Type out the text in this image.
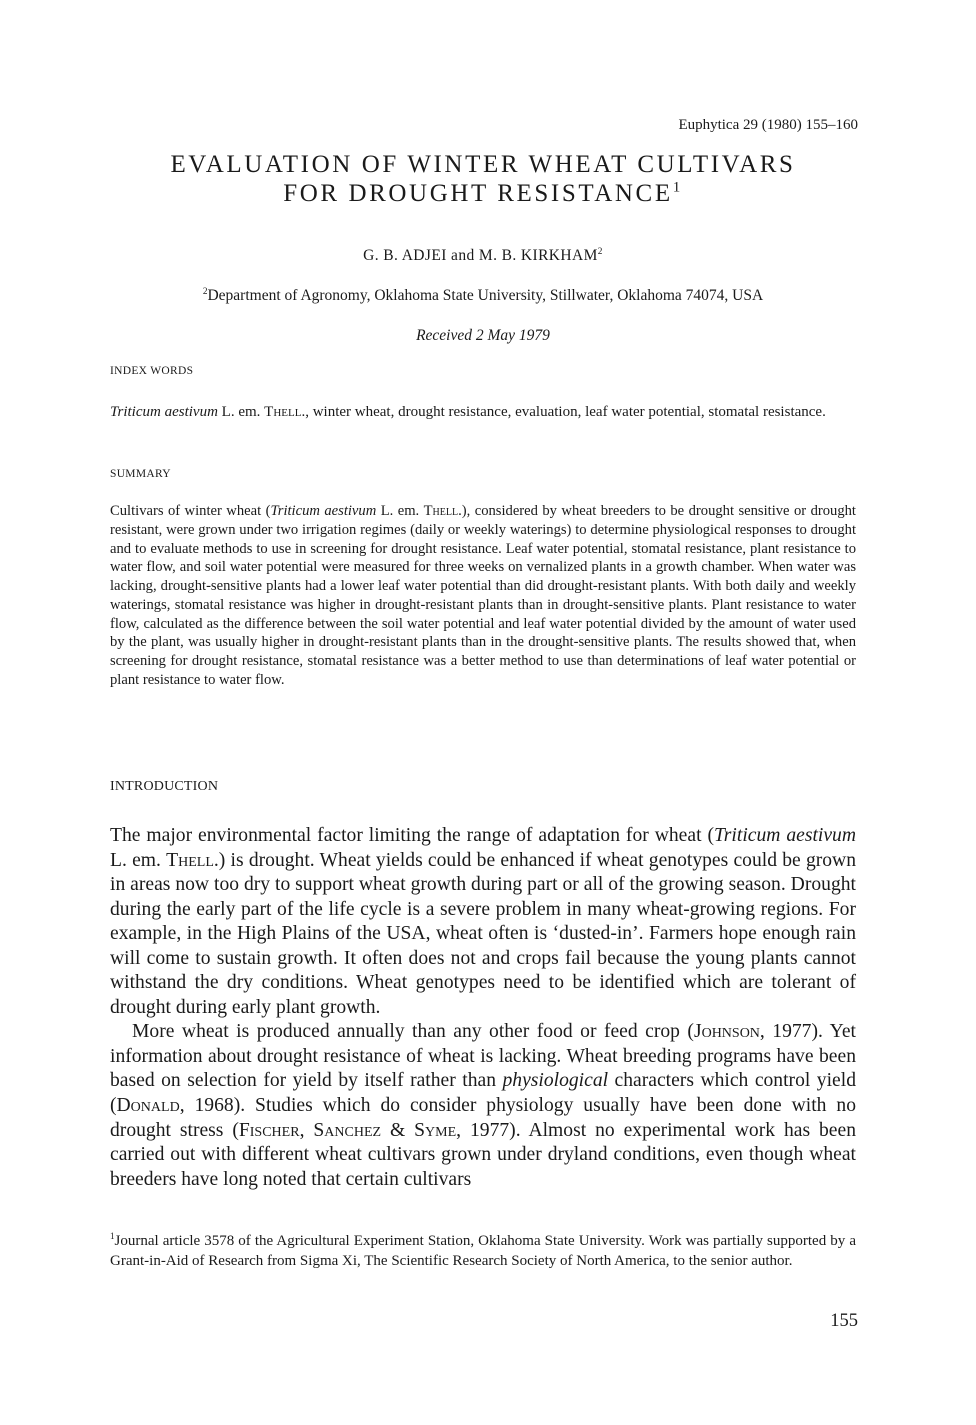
Euphytica 29 (1980) 155–160
EVALUATION OF WINTER WHEAT CULTIVARS
FOR DROUGHT RESISTANCE$^1$
G. B. ADJEI and M. B. KIRKHAM$^2$
$^2$Department of Agronomy, Oklahoma State University, Stillwater, Oklahoma 74074, USA
Received 2 May 1979
INDEX WORDS

Triticum aestivum L. em. Thell., winter wheat, drought resistance, evaluation, leaf water potential, stomatal resistance.

SUMMARY

Cultivars of winter wheat (Triticum aestivum L. em. Thell.), considered by wheat breeders to be drought sensitive or drought resistant, were grown under two irrigation regimes (daily or weekly waterings) to determine physiological responses to drought and to evaluate methods to use in screening for drought resistance. Leaf water potential, stomatal resistance, plant resistance to water flow, and soil water potential were measured for three weeks on vernalized plants in a growth chamber. When water was lacking, drought-sensitive plants had a lower leaf water potential than did drought-resistant plants. With both daily and weekly waterings, stomatal resistance was higher in drought-resistant plants than in drought-sensitive plants. Plant resistance to water flow, calculated as the difference between the soil water potential and leaf water potential divided by the amount of water used by the plant, was usually higher in drought-resistant plants than in the drought-sensitive plants. The results showed that, when screening for drought resistance, stomatal resistance was a better method to use than determinations of leaf water potential or plant resistance to water flow.

INTRODUCTION

The major environmental factor limiting the range of adaptation for wheat (Triticum aestivum L. em. Thell.) is drought. Wheat yields could be enhanced if wheat genotypes could be grown in areas now too dry to support wheat growth during part or all of the growing season. Drought during the early part of the life cycle is a severe problem in many wheat-growing regions. For example, in the High Plains of the USA, wheat often is ‘dusted-in’. Farmers hope enough rain will come to sustain growth. It often does not and crops fail because the young plants cannot withstand the dry conditions. Wheat genotypes need to be identified which are tolerant of drought during early plant growth.

More wheat is produced annually than any other food or feed crop (Johnson, 1977). Yet information about drought resistance of wheat is lacking. Wheat breeding programs have been based on selection for yield by itself rather than physiological characters which control yield (Donald, 1968). Studies which do consider physiology usually have been done with no drought stress (Fischer, Sanchez & Syme, 1977). Almost no experimental work has been carried out with different wheat cultivars grown under dryland conditions, even though wheat breeders have long noted that certain cultivars

$^1$Journal article 3578 of the Agricultural Experiment Station, Oklahoma State University. Work was partially supported by a Grant-in-Aid of Research from Sigma Xi, The Scientific Research Society of North America, to the senior author.

155
